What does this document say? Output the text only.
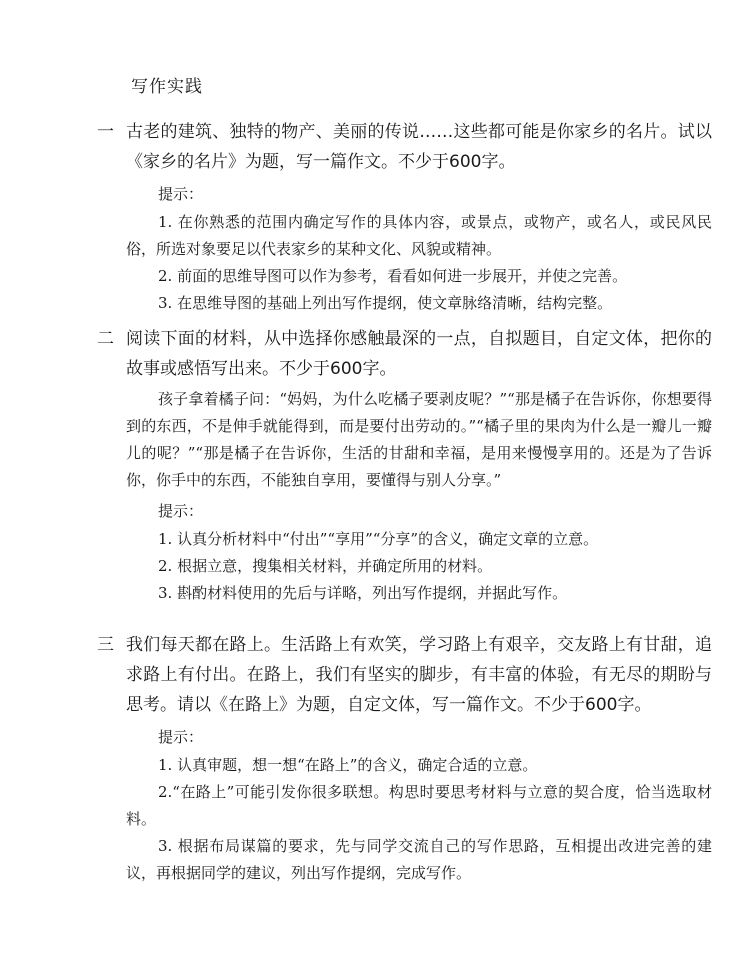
写作实践
一 古老的建筑、独特的物产、美丽的传说……这些都可能是你家乡的名片。试以《家乡的名片》为题，写一篇作文。不少于600字。

提示：

1. 在你熟悉的范围内确定写作的具体内容，或景点，或物产，或名人，或民风民俗，所选对象要足以代表家乡的某种文化、风貌或精神。

2. 前面的思维导图可以作为参考，看看如何进一步展开，并使之完善。

3. 在思维导图的基础上列出写作提纲，使文章脉络清晰，结构完整。

二 阅读下面的材料，从中选择你感触最深的一点，自拟题目，自定文体，把你的故事或感悟写出来。不少于600字。

孩子拿着橘子问：“妈妈，为什么吃橘子要剥皮呢？”“那是橘子在告诉你，你想要得到的东西，不是伸手就能得到，而是要付出劳动的。”“橘子里的果肉为什么是一瓣儿一瓣儿的呢？”“那是橘子在告诉你，生活的甘甜和幸福，是用来慢慢享用的。还是为了告诉你，你手中的东西，不能独自享用，要懂得与别人分享。”

提示：

1. 认真分析材料中“付出”“享用”“分享”的含义，确定文章的立意。

2. 根据立意，搜集相关材料，并确定所用的材料。

3. 斟酌材料使用的先后与详略，列出写作提纲，并据此写作。

三 我们每天都在路上。生活路上有欢笑，学习路上有艰辛，交友路上有甘甜，追求路上有付出。在路上，我们有坚实的脚步，有丰富的体验，有无尽的期盼与思考。请以《在路上》为题，自定文体，写一篇作文。不少于600字。

提示：

1. 认真审题，想一想“在路上”的含义，确定合适的立意。

2.“在路上”可能引发你很多联想。构思时要思考材料与立意的契合度，恰当选取材料。

3. 根据布局谋篇的要求，先与同学交流自己的写作思路，互相提出改进完善的建议，再根据同学的建议，列出写作提纲，完成写作。
